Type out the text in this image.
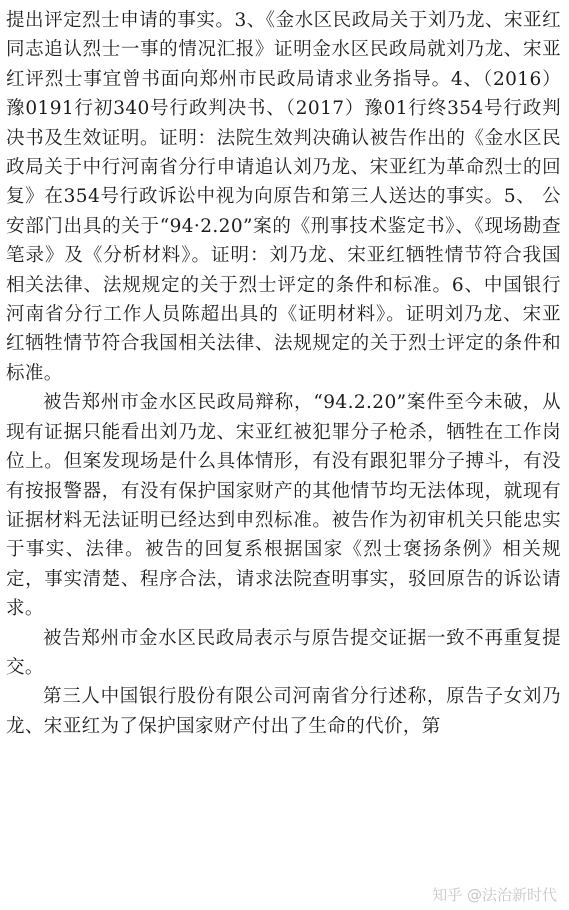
提出评定烈士申请的事实。3、《金水区民政局关于刘乃龙、宋亚红同志追认烈士一事的情况汇报》证明金水区民政局就刘乃龙、宋亚红评烈士事宜曾书面向郑州市民政局请求业务指导。4、（2016）豫0191行初340号行政判决书、（2017）豫01行终354号行政判决书及生效证明。证明：法院生效判决确认被告作出的《金水区民政局关于中行河南省分行申请追认刘乃龙、宋亚红为革命烈士的回复》在354号行政诉讼中视为向原告和第三人送达的事实。5、 公安部门出具的关于“94·2.20”案的《刑事技术鉴定书》、《现场勘查笔录》及《分析材料》。证明：刘乃龙、宋亚红牺牲情节符合我国相关法律、法规规定的关于烈士评定的条件和标准。6、中国银行河南省分行工作人员陈超出具的《证明材料》。证明刘乃龙、宋亚红牺牲情节符合我国相关法律、法规规定的关于烈士评定的条件和标准。

被告郑州市金水区民政局辩称，“94.2.20”案件至今未破，从现有证据只能看出刘乃龙、宋亚红被犯罪分子枪杀，牺牲在工作岗位上。但案发现场是什么具体情形，有没有跟犯罪分子搏斗，有没有按报警器，有没有保护国家财产的其他情节均无法体现，就现有证据材料无法证明已经达到申烈标准。被告作为初审机关只能忠实于事实、法律。被告的回复系根据国家《烈士褒扬条例》相关规定，事实清楚、程序合法，请求法院查明事实，驳回原告的诉讼请求。

被告郑州市金水区民政局表示与原告提交证据一致不再重复提交。

第三人中国银行股份有限公司河南省分行述称，原告子女刘乃龙、宋亚红为了保护国家财产付出了生命的代价，第

知乎 @法治新时代
